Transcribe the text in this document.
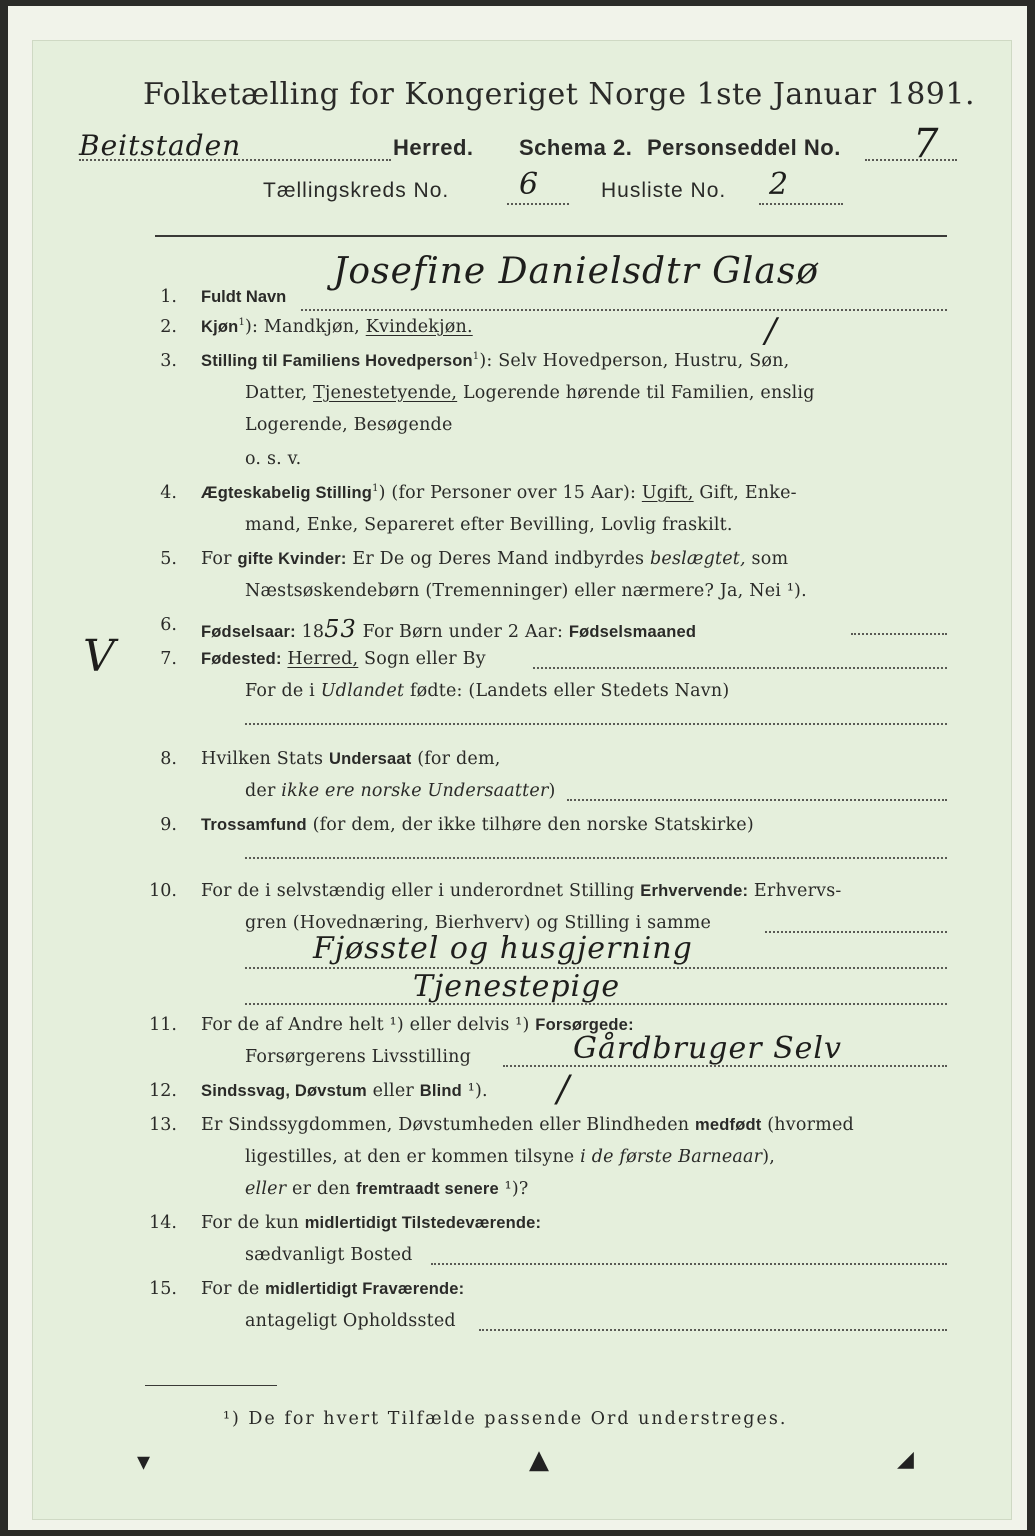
Folketælling for Kongeriget Norge 1ste Januar 1891.
Beitstaden	Herred. Schema 2. Personseddel No. 7
Tællingskreds No. 6	Husliste No. 2
1. Fuldt Navn
Josefine Danielsdtr Glasø
2. Kjøn$^1$): Mandkjøn, Kvindekjøn.	/
3. Stilling til Familiens Hovedperson$^1$): Selv Hovedperson, Hustru, Søn,
Datter, Tjenestetyende, Logerende hørende til Familien, enslig
Logerende, Besøgende
o. s. v.
4. Ægteskabelig Stilling$^1$) (for Personer over 15 Aar): Ugift, Gift, Enke-
mand, Enke, Separeret efter Bevilling, Lovlig fraskilt.
5. For gifte Kvinder: Er De og Deres Mand indbyrdes beslægtet, som
Næstsøskendebørn (Tremenninger) eller nærmere? Ja, Nei ¹).
6. Fødselsaar: 1853 For Børn under 2 Aar: Fødselsmaaned
V	7. Fødested: Herred, Sogn eller By
For de i Udlandet fødte: (Landets eller Stedets Navn)
8. Hvilken Stats Undersaat (for dem,
der ikke ere norske Undersaatter)
9. Trossamfund (for dem, der ikke tilhøre den norske Statskirke)
10. For de i selvstændig eller i underordnet Stilling Erhvervende: Erhvervs-
gren (Hovednæring, Bierhverv) og Stilling i samme
Fjøsstel og husgjerning
Tjenestepige
11. For de af Andre helt ¹) eller delvis ¹) Forsørgede:
Forsørgerens Livsstilling	Gårdbruger Selv
12. Sindssvag, Døvstum eller Blind ¹). /
13. Er Sindssygdommen, Døvstumheden eller Blindheden medfødt (hvormed
ligestilles, at den er kommen tilsyne i de første Barneaar),
eller er den fremtraadt senere ¹)?
14. For de kun midlertidigt Tilstedeværende:
sædvanligt Bosted
15. For de midlertidigt Fraværende:
antageligt Opholdssted
¹) De for hvert Tilfælde passende Ord understreges.
▾	▲	◢
